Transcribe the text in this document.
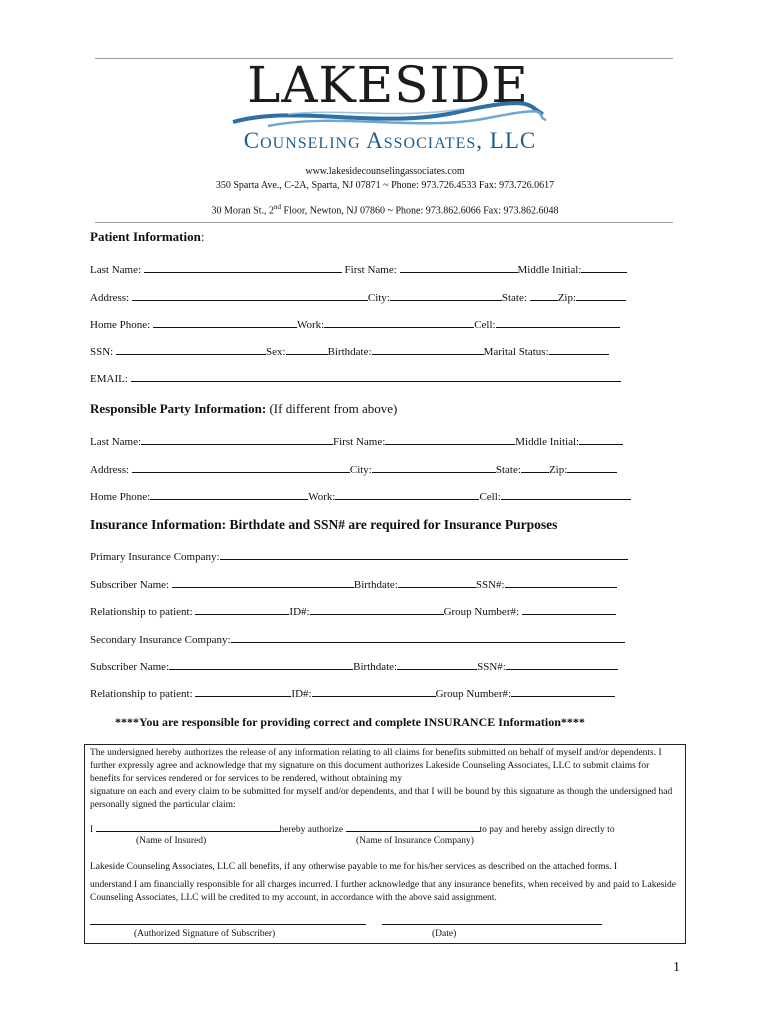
LAKESIDE
Counseling Associates, LLC
www.lakesidecounselingassociates.com
350 Sparta Ave., C-2A, Sparta, NJ 07871 ~ Phone: 973.726.4533 Fax: 973.726.0617
30 Moran St., 2nd Floor, Newton, NJ 07860 ~ Phone: 973.862.6066 Fax: 973.862.6048
Patient Information:
Last Name:	First Name:	Middle Initial:
Address:	City:	State:	Zip:
Home Phone:	Work:	Cell:
SSN:	Sex:	Birthdate:	Marital Status:
EMAIL:
Responsible Party Information: (If different from above)
Last Name:	First Name:	Middle Initial:
Address:	City:	State:	Zip:
Home Phone:	Work:	Cell:
Insurance Information: Birthdate and SSN# are required for Insurance Purposes
Primary Insurance Company:
Subscriber Name:	Birthdate:	SSN#:
Relationship to patient:	ID#:	Group Number#:
Secondary Insurance Company:
Subscriber Name:	Birthdate:	SSN#:
Relationship to patient:	ID#:	Group Number#:
****You are responsible for providing correct and complete INSURANCE Information****
The undersigned hereby authorizes the release of any information relating to all claims for benefits submitted on behalf of myself and/or dependents. I further expressly agree and acknowledge that my signature on this document authorizes Lakeside Counseling Associates, LLC to submit claims for benefits for services rendered or for services to be rendered, without obtaining my
signature on each and every claim to be submitted for myself and/or dependents, and that I will be bound by this signature as though the undersigned had personally signed the particular claim:
I	hereby authorize	to pay and hereby assign directly to
(Name of Insured)	(Name of Insurance Company)
Lakeside Counseling Associates, LLC all benefits, if any otherwise payable to me for his/her services as described on the attached forms. I
understand I am financially responsible for all charges incurred. I further acknowledge that any insurance benefits, when received by and paid to Lakeside Counseling Associates, LLC will be credited to my account, in accordance with the above said assignment.
(Authorized Signature of Subscriber)	(Date)
1
